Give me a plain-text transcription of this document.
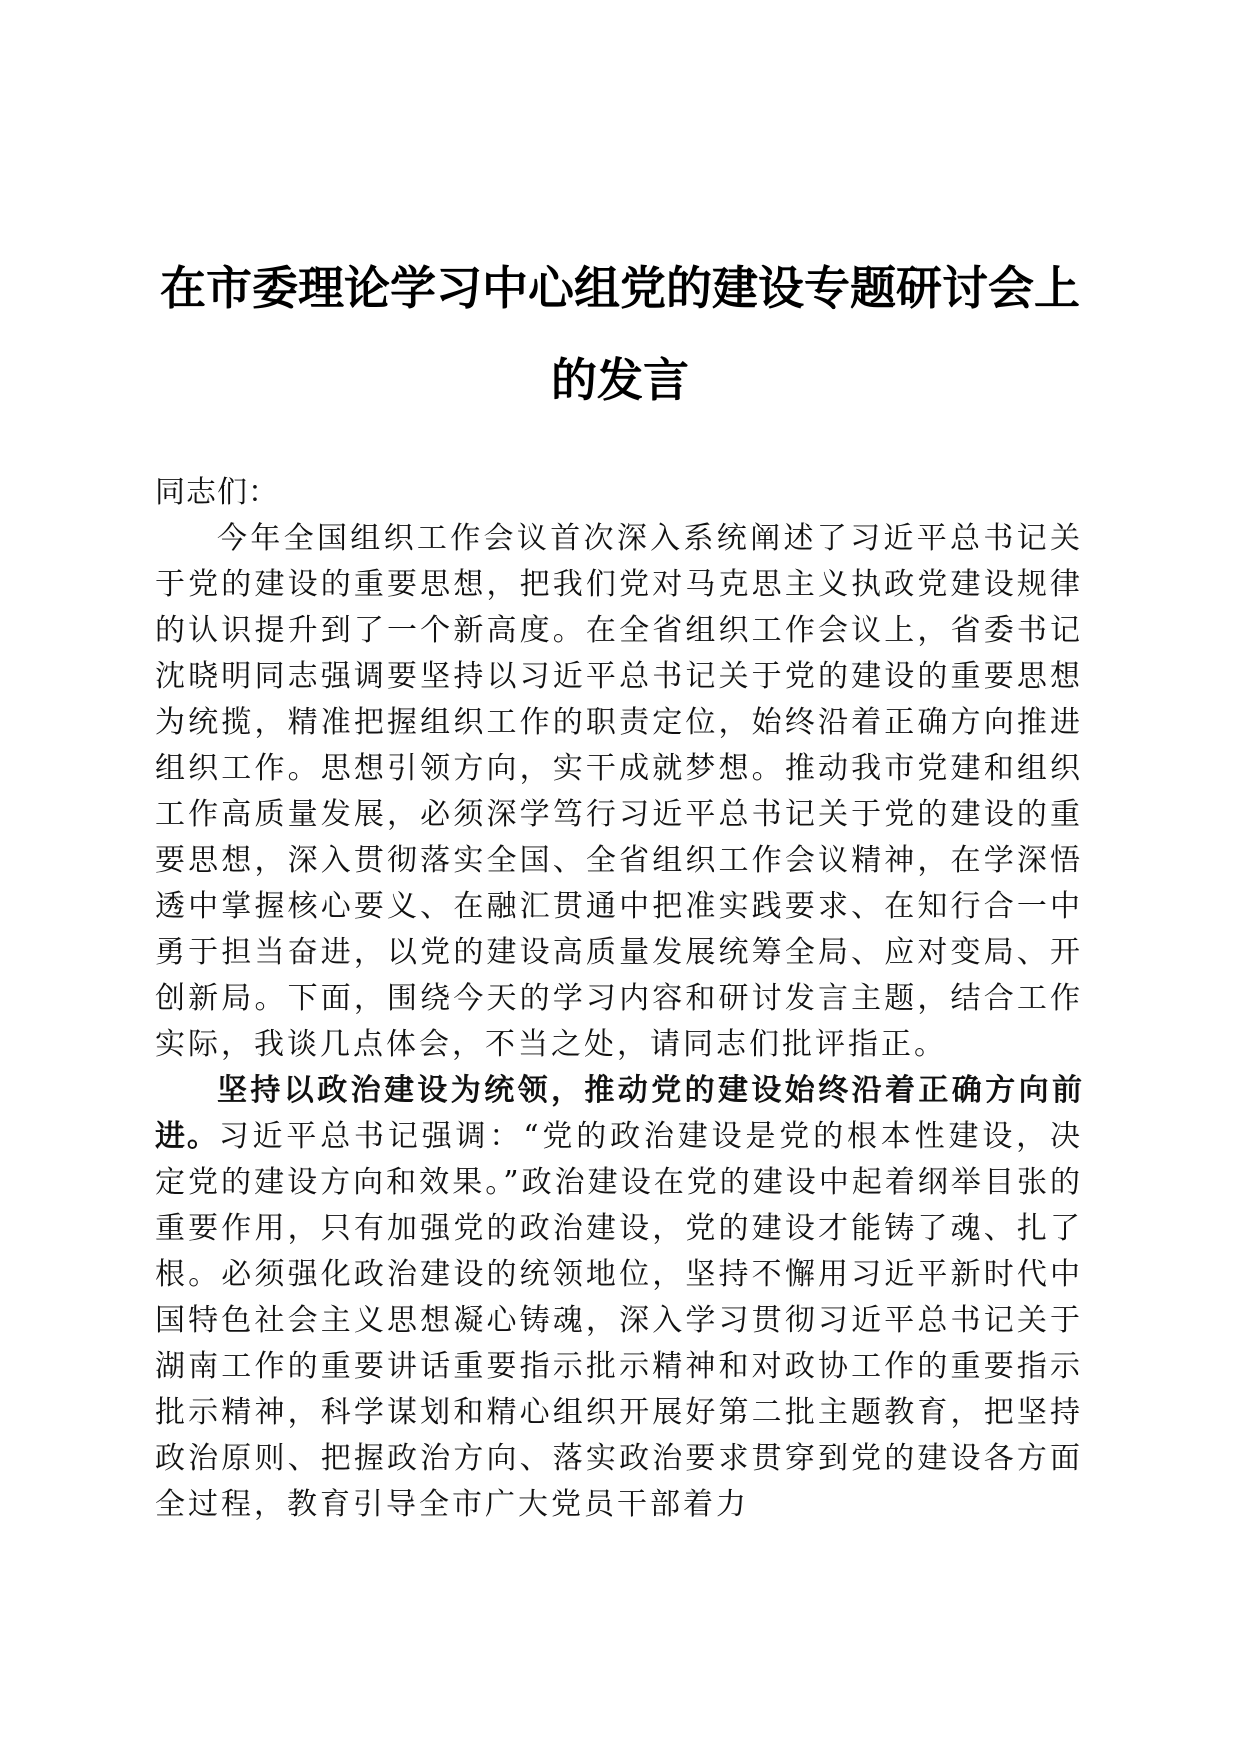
在市委理论学习中心组党的建设专题研讨会上
的发言

同志们：

今年全国组织工作会议首次深入系统阐述了习近平总书记关于党的建设的重要思想，把我们党对马克思主义执政党建设规律的认识提升到了一个新高度。在全省组织工作会议上，省委书记沈晓明同志强调要坚持以习近平总书记关于党的建设的重要思想为统揽，精准把握组织工作的职责定位，始终沿着正确方向推进组织工作。思想引领方向，实干成就梦想。推动我市党建和组织工作高质量发展，必须深学笃行习近平总书记关于党的建设的重要思想，深入贯彻落实全国、全省组织工作会议精神，在学深悟透中掌握核心要义、在融汇贯通中把准实践要求、在知行合一中勇于担当奋进，以党的建设高质量发展统筹全局、应对变局、开创新局。下面，围绕今天的学习内容和研讨发言主题，结合工作实际，我谈几点体会，不当之处，请同志们批评指正。

坚持以政治建设为统领，推动党的建设始终沿着正确方向前进。习近平总书记强调：“党的政治建设是党的根本性建设，决定党的建设方向和效果。”政治建设在党的建设中起着纲举目张的重要作用，只有加强党的政治建设，党的建设才能铸了魂、扎了根。必须强化政治建设的统领地位，坚持不懈用习近平新时代中国特色社会主义思想凝心铸魂，深入学习贯彻习近平总书记关于湖南工作的重要讲话重要指示批示精神和对政协工作的重要指示批示精神，科学谋划和精心组织开展好第二批主题教育，把坚持政治原则、把握政治方向、落实政治要求贯穿到党的建设各方面全过程，教育引导全市广大党员干部着力
